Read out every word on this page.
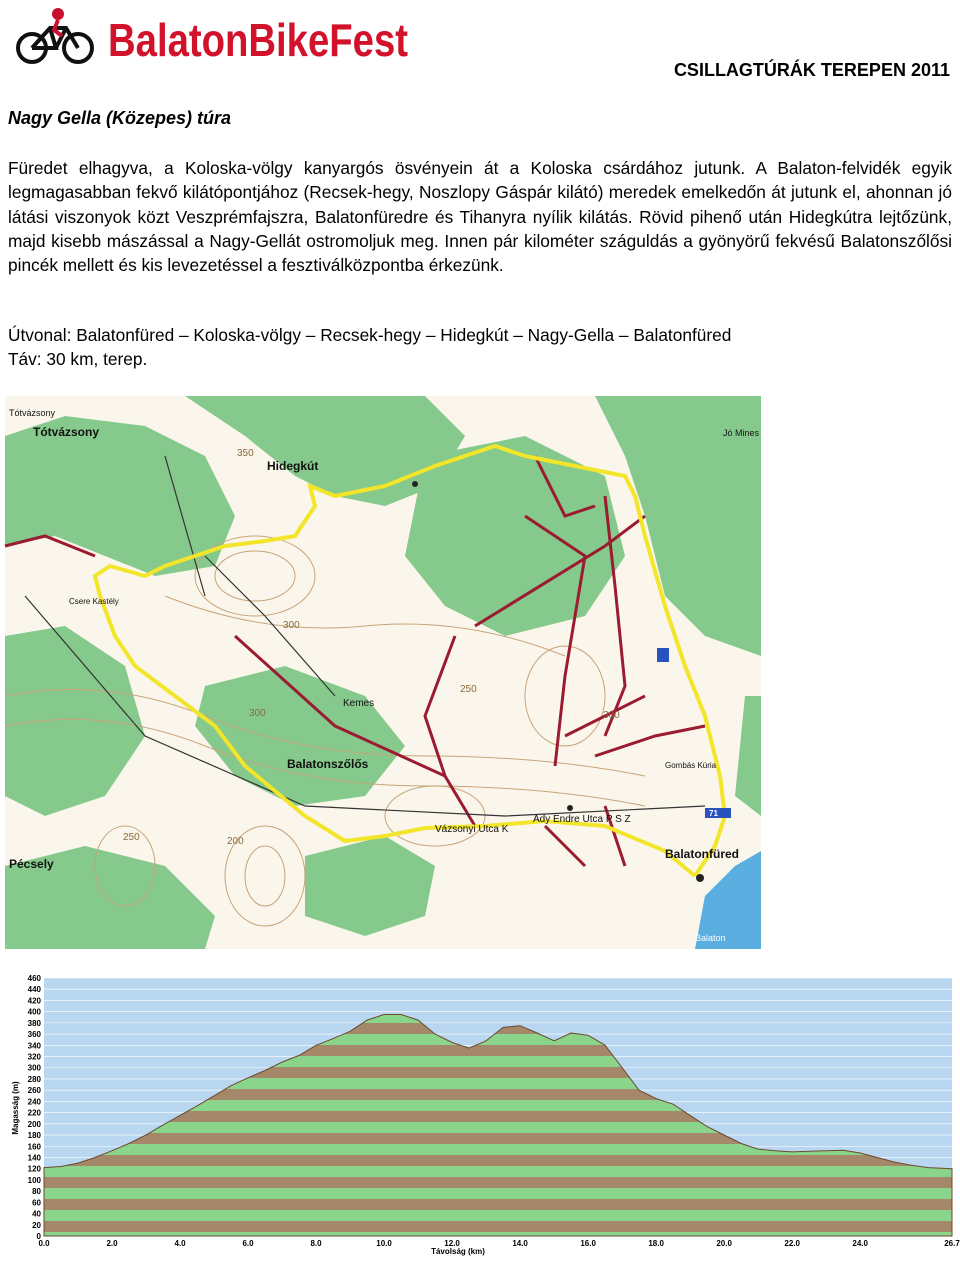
BalatonBikeFest
CSILLAGTÚRÁK TEREPEN 2011
Nagy Gella (Közepes) túra
Füredet elhagyva, a Koloska-völgy kanyargós ösvényein át a Koloska csárdához jutunk. A Balaton-felvidék egyik legmagasabban fekvő kilátópontjához (Recsek-hegy, Noszlopy Gáspár kilátó) meredek emelkedőn át jutunk el, ahonnan jó látási viszonyok közt Veszprémfajszra, Balatonfüredre és Tihanyra nyílik kilátás. Rövid pihenő után Hidegkútra lejtőzünk, majd kisebb mászással a Nagy-Gellát ostromoljuk meg. Innen pár kilométer száguldás a gyönyörű fekvésű Balatonszőlősi pincék mellett és kis levezetéssel a fesztiválközpontba érkezünk.
Útvonal: Balatonfüred – Koloska-völgy – Recsek-hegy – Hidegkút – Nagy-Gella – Balatonfüred
Táv: 30 km, terep.
Tótvázsony
Tótvázsony
Hidegkút
Csere Kastély
Kemes
Balatonszőlős
Pécsely
Vázsonyi Utca K
Ady Endre Utca P S Z
Balatonfüred
Balaton
Gombás Kúria
Jó Mines
71
350
300
300
250
250	200
300
0
20
40
60
80
100
120
140
160
180
200
220
240
260
280
300
320
340
360
380
400
420
440
460
0.0	2.0	4.0	6.0	8.0	10.0	12.0	14.0	16.0	18.0	20.0	22.0	24.0	26.7
Távolság (km)
Magasság (m)
